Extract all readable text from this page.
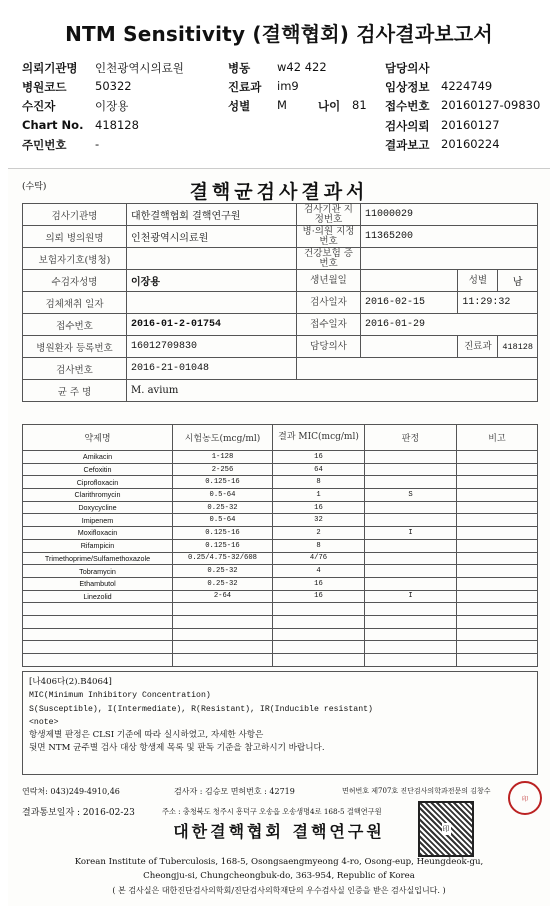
NTM Sensitivity (결핵협회) 검사결과보고서
의뢰기관명 인천광역시의료원
병원코드 50322
수진자	이장용
Chart No. 418128
주민번호 -
병동 w42 422
진료과 im9
성별 M	나이 81
담당의사
임상정보 4224749
접수번호 20160127-09830
검사의뢰 20160127
결과보고 20160224
(수탁)	결핵균검사결과서
검사기관명	대한결핵협회 결핵연구원	검사기관 지정번호	11000029		
의뢰 병의원명	인천광역시의료원	병·의원 지정번호	11365200		
보험자기호(병청)		건강보험 증번호			
수검자성명	이장용	생년월일		성별	남
검체채취 일자		검사일자	2016-02-15	11:29:32	
접수번호	2016-01-2-01754	접수일자	2016-01-29		
병원환자 등록번호	16012709830	담당의사		진료과	418128
검사번호	2016-21-01048				
균 주 명	M. avium				
약제명	시험농도(mcg/ml)	결과 MIC(mcg/ml)	판정	비고
Amikacin	1-128	16		
Cefoxitin	2-256	64		
Ciprofloxacin	0.125-16	8		
Clarithromycin	0.5-64	1	S	
Doxycycline	0.25-32	16		
Imipenem	0.5-64	32		
Moxifloxacin	0.125-16	2	I	
Rifampicin	0.125-16	8		
Trimethoprime/Sulfamethoxazole	0.25/4.75-32/608	4/76		
Tobramycin	0.25-32	4		
Ethambutol	0.25-32	16		
Linezolid	2-64	16	I	

[나406다(2).B4064]
MIC(Minimum Inhibitory Concentration)
S(Susceptible), I(Intermediate), R(Resistant), IR(Inducible resistant)
<note>
항생제별 판정은 CLSI 기준에 따라 실시하였고, 자세한 사항은
뒷면 NTM 균주별 검사 대상 항생제 목록 및 판독 기준을 참고하시기 바랍니다.
연락처: 043)249-4910,46	검사자 : 김승모 면허번호 : 42719	면허번호 제707호 진단검사의학과전문의 김창수
印
결과통보일자 : 2016-02-23	주소 : 충청북도 청주시 흥덕구 오송읍 오송생명4로 168-5 결핵연구원
대한결핵협회 결핵연구원	印
Korean Institute of Tuberculosis, 168-5, Osongsaengmyeong 4-ro, Osong-eup, Heungdeok-gu,
Cheongju-si, Chungcheongbuk-do, 363-954, Republic of Korea
( 본 검사실은 대한진단검사의학회/진단검사의학재단의 우수검사실 인증을 받은 검사실입니다. )
